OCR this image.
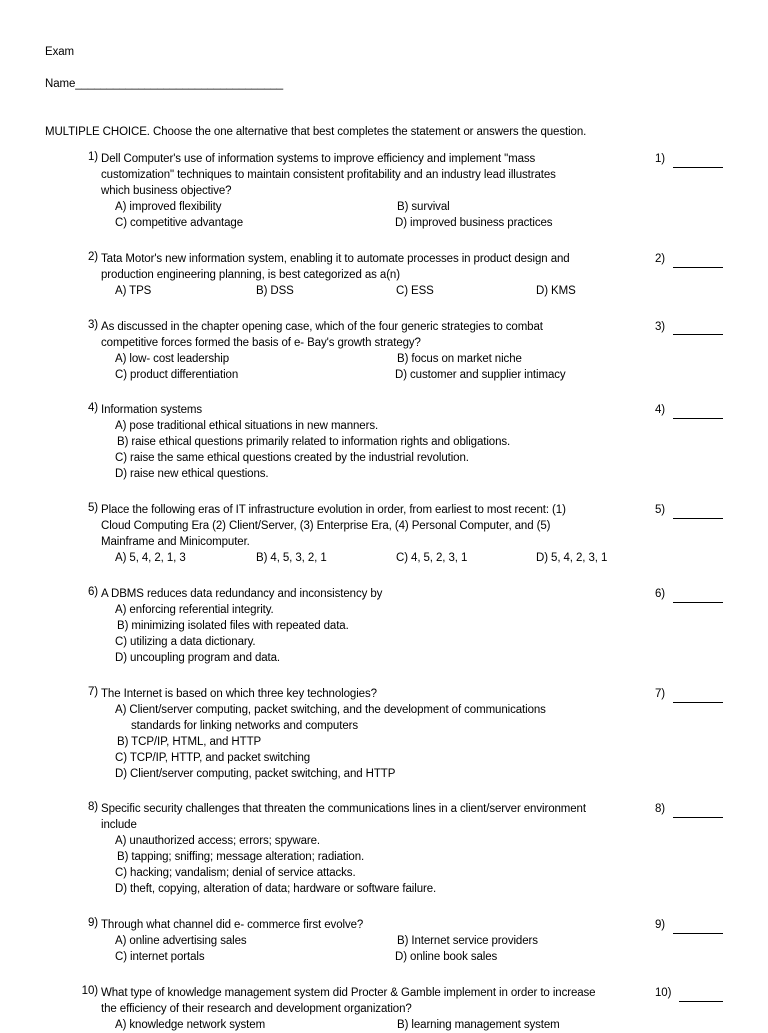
Exam
Name_________________________________
MULTIPLE CHOICE. Choose the one alternative that best completes the statement or answers the question.
1) Dell Computer's use of information systems to improve efficiency and implement "mass
customization" techniques to maintain consistent profitability and an industry lead illustrates
which business objective?
A) improved flexibility	B) survival
C) competitive advantage	D) improved business practices
1)
2) Tata Motor's new information system, enabling it to automate processes in product design and
production engineering planning, is best categorized as a(n)
A) TPS	B) DSS	C) ESS	D) KMS
2)
3) As discussed in the chapter opening case, which of the four generic strategies to combat
competitive forces formed the basis of e- Bay's growth strategy?
A) low- cost leadership	B) focus on market niche
C) product differentiation	D) customer and supplier intimacy
3)
4) Information systems
A) pose traditional ethical situations in new manners.
B) raise ethical questions primarily related to information rights and obligations.
C) raise the same ethical questions created by the industrial revolution.
D) raise new ethical questions.
4)
5) Place the following eras of IT infrastructure evolution in order, from earliest to most recent: (1)
Cloud Computing Era (2) Client/Server, (3) Enterprise Era, (4) Personal Computer, and (5)
Mainframe and Minicomputer.
A) 5, 4, 2, 1, 3	B) 4, 5, 3, 2, 1	C) 4, 5, 2, 3, 1	D) 5, 4, 2, 3, 1
5)
6) A DBMS reduces data redundancy and inconsistency by
A) enforcing referential integrity.
B) minimizing isolated files with repeated data.
C) utilizing a data dictionary.
D) uncoupling program and data.
6)
7) The Internet is based on which three key technologies?
A) Client/server computing, packet switching, and the development of communications
standards for linking networks and computers
B) TCP/IP, HTML, and HTTP
C) TCP/IP, HTTP, and packet switching
D) Client/server computing, packet switching, and HTTP
7)
8) Specific security challenges that threaten the communications lines in a client/server environment
include
A) unauthorized access; errors; spyware.
B) tapping; sniffing; message alteration; radiation.
C) hacking; vandalism; denial of service attacks.
D) theft, copying, alteration of data; hardware or software failure.
8)
9) Through what channel did e- commerce first evolve?
A) online advertising sales	B) Internet service providers
C) internet portals	D) online book sales
9)
10) What type of knowledge management system did Procter & Gamble implement in order to increase
the efficiency of their research and development organization?
A) knowledge network system	B) learning management system
10)
